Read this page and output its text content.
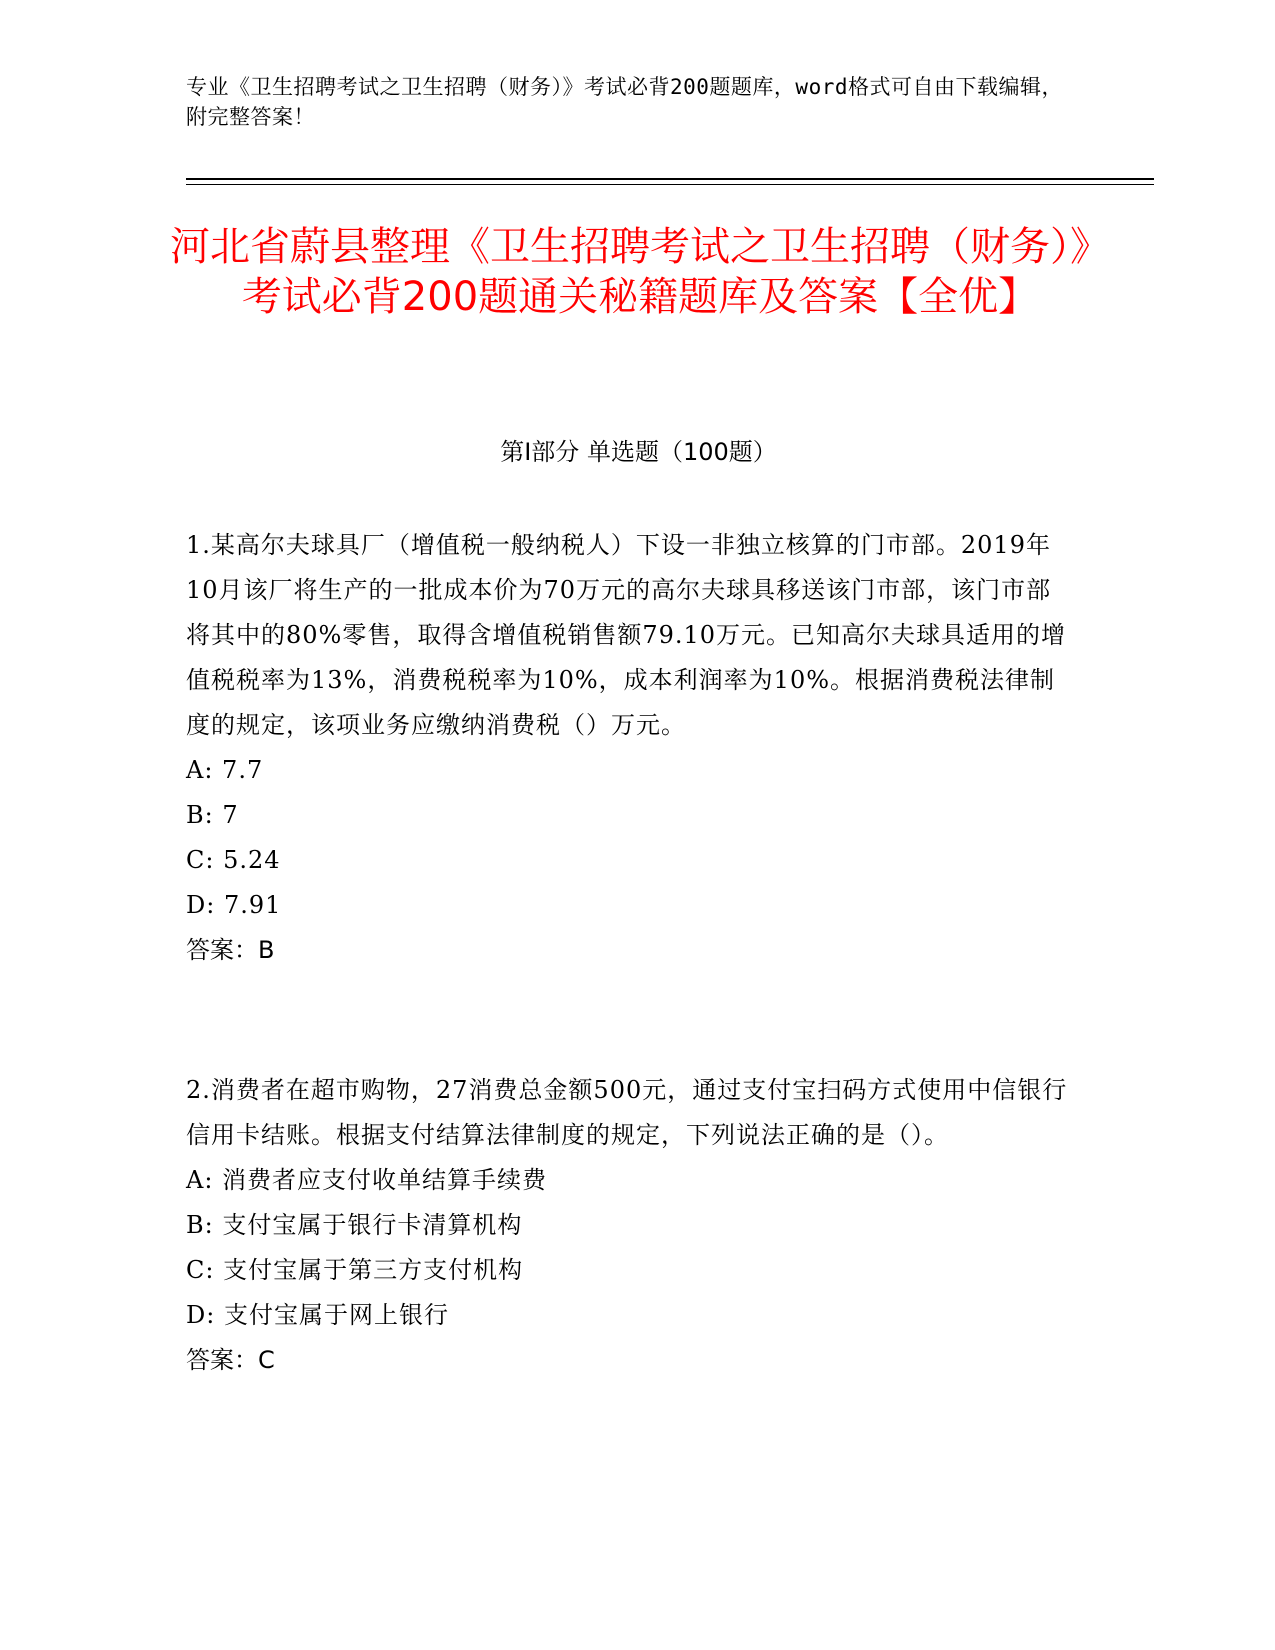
专业《卫生招聘考试之卫生招聘（财务）》考试必背200题题库，word格式可自由下载编辑，附完整答案！
河北省蔚县整理《卫生招聘考试之卫生招聘（财务）》考试必背200题通关秘籍题库及答案【全优】
第Ⅰ部分 单选题（100题）
1.某高尔夫球具厂（增值税一般纳税人）下设一非独立核算的门市部。2019年10月该厂将生产的一批成本价为70万元的高尔夫球具移送该门市部，该门市部将其中的80%零售，取得含增值税销售额79.10万元。已知高尔夫球具适用的增值税税率为13%，消费税税率为10%，成本利润率为10%。根据消费税法律制度的规定，该项业务应缴纳消费税（）万元。
A: 7.7
B: 7
C: 5.24
D: 7.91
答案：B
2.消费者在超市购物，27消费总金额500元，通过支付宝扫码方式使用中信银行信用卡结账。根据支付结算法律制度的规定，下列说法正确的是（）。
A: 消费者应支付收单结算手续费
B: 支付宝属于银行卡清算机构
C: 支付宝属于第三方支付机构
D: 支付宝属于网上银行
答案：C
